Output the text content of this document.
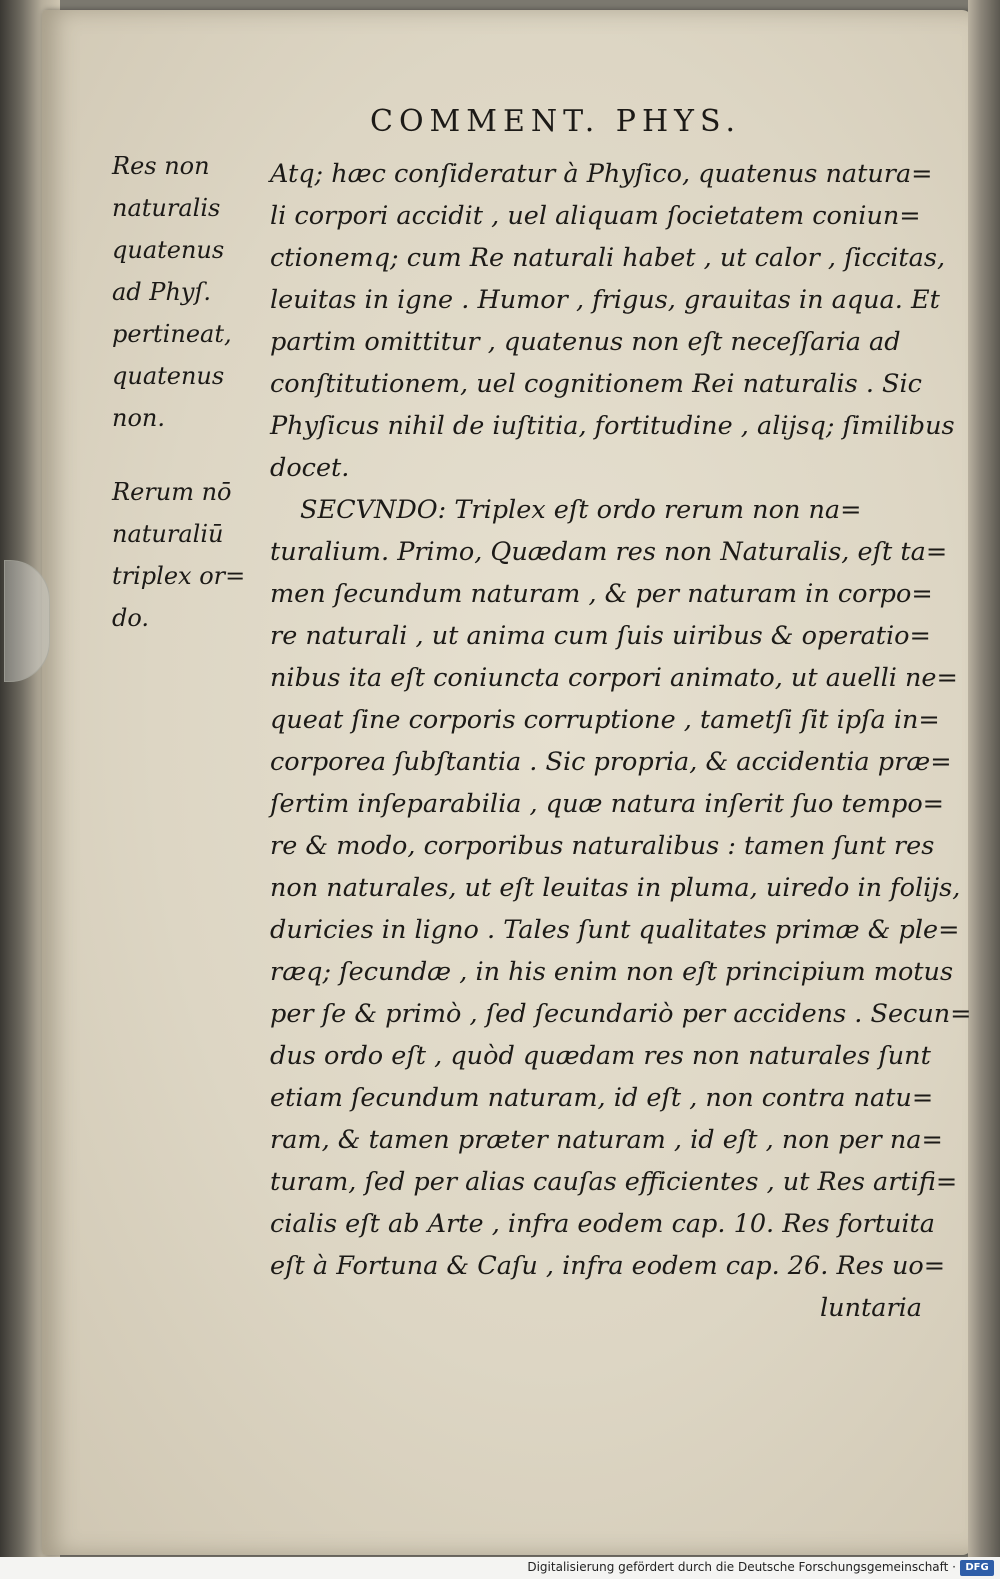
COMMENT. PHYS.
Res non
naturalis
quatenus
ad Phyſ.
pertineat,
quatenus
non.
Rerum nō
naturaliū
triplex or=
do.
Atq; hæc conſideratur à Phyſico, quatenus natura=
li corpori accidit , uel aliquam ſocietatem coniun=
ctionemq; cum Re naturali habet , ut calor , ſiccitas,
leuitas in igne . Humor , frigus, grauitas in aqua. Et
partim omittitur , quatenus non eſt neceſſaria ad
conſtitutionem, uel cognitionem Rei naturalis . Sic
Phyſicus nihil de iuſtitia, fortitudine , alijsq; ſimilibus
docet.
SECVNDO: Triplex eſt ordo rerum non na=
turalium. Primo, Quædam res non Naturalis, eſt ta=
men ſecundum naturam , & per naturam in corpo=
re naturali , ut anima cum ſuis uiribus & operatio=
nibus ita eſt coniuncta corpori animato, ut auelli ne=
queat ſine corporis corruptione , tametſi ſit ipſa in=
corporea ſubſtantia . Sic propria, & accidentia præ=
ſertim inſeparabilia , quæ natura inſerit ſuo tempo=
re & modo, corporibus naturalibus : tamen ſunt res
non naturales, ut eſt leuitas in pluma, uiredo in folijs,
duricies in ligno . Tales ſunt qualitates primæ & ple=
ræq; ſecundæ , in his enim non eſt principium motus
per ſe & primò , ſed ſecundariò per accidens . Secun=
dus ordo eſt , quòd quædam res non naturales ſunt
etiam ſecundum naturam, id eſt , non contra natu=
ram, & tamen præter naturam , id eſt , non per na=
turam, ſed per alias cauſas efficientes , ut Res artifi=
cialis eſt ab Arte , infra eodem cap. 10. Res fortuita
eſt à Fortuna & Caſu , infra eodem cap. 26. Res uo=
luntaria
Digitalisierung gefördert durch die Deutsche Forschungsgemeinschaft · DFG
